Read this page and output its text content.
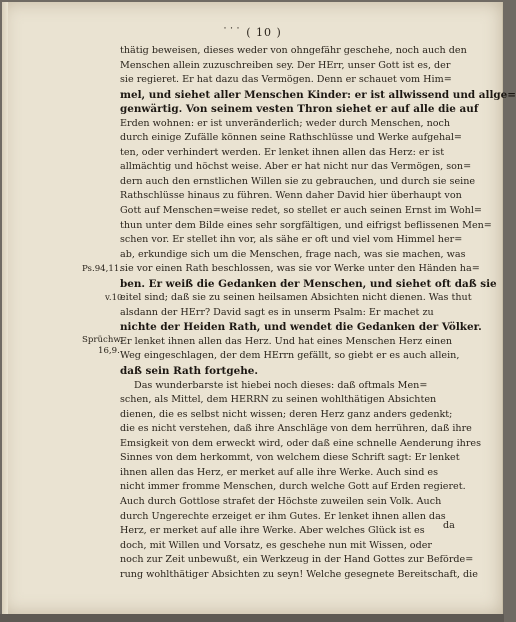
˙˙˙ ( 10 )
thätig beweisen, dieses weder von ohngefähr geschehe, noch auch den
Menschen allein zuzuschreiben sey. Der HErr, unser Gott ist es, der
sie regieret. Er hat dazu das Vermögen. Denn er schauet vom Him=
mel, und siehet aller Menschen Kinder: er ist allwissend und allge=
genwärtig. Von seinem vesten Thron siehet er auf alle die auf
Erden wohnen: er ist unveränderlich; weder durch Menschen, noch
durch einige Zufälle können seine Rathschlüsse und Werke aufgehal=
ten, oder verhindert werden. Er lenket ihnen allen das Herz: er ist
allmächtig und höchst weise. Aber er hat nicht nur das Vermögen, son=
dern auch den ernstlichen Willen sie zu gebrauchen, und durch sie seine
Rathschlüsse hinaus zu führen. Wenn daher David hier überhaupt von
Gott auf Menschen=weise redet, so stellet er auch seinen Ernst im Wohl=
thun unter dem Bilde eines sehr sorgfältigen, und eifrigst beflissenen Men=
schen vor. Er stellet ihn vor, als sähe er oft und viel vom Himmel her=
ab, erkundige sich um die Menschen, frage nach, was sie machen, was
sie vor einen Rath beschlossen, was sie vor Werke unter den Händen ha=
ben. Er weiß die Gedanken der Menschen, und siehet oft daß sie
eitel sind; daß sie zu seinen heilsamen Absichten nicht dienen. Was thut
alsdann der HErr? David sagt es in unserm Psalm: Er machet zu
nichte der Heiden Rath, und wendet die Gedanken der Völker.
Er lenket ihnen allen das Herz. Und hat eines Menschen Herz einen
Weg eingeschlagen, der dem HErrn gefällt, so giebt er es auch allein,
daß sein Rath fortgehe.
Das wunderbarste ist hiebei noch dieses: daß oftmals Men=
schen, als Mittel, dem HERRN zu seinen wohlthätigen Absichten
dienen, die es selbst nicht wissen; deren Herz ganz anders gedenkt;
die es nicht verstehen, daß ihre Anschläge von dem herrühren, daß ihre
Emsigkeit von dem erweckt wird, oder daß eine schnelle Aenderung ihres
Sinnes von dem herkommt, von welchem diese Schrift sagt: Er lenket
ihnen allen das Herz, er merket auf alle ihre Werke. Auch sind es
nicht immer fromme Menschen, durch welche Gott auf Erden regieret.
Auch durch Gottlose strafet der Höchste zuweilen sein Volk. Auch
durch Ungerechte erzeiget er ihm Gutes. Er lenket ihnen allen das
Herz, er merket auf alle ihre Werke. Aber welches Glück ist es
doch, mit Willen und Vorsatz, es geschehe nun mit Wissen, oder
noch zur Zeit unbewußt, ein Werkzeug in der Hand Gottes zur Beförde=
rung wohlthätiger Absichten zu seyn! Welche gesegnete Bereitschaft, die
Ps.94,11.
v.10.
Sprüchw.
16,9.
da
